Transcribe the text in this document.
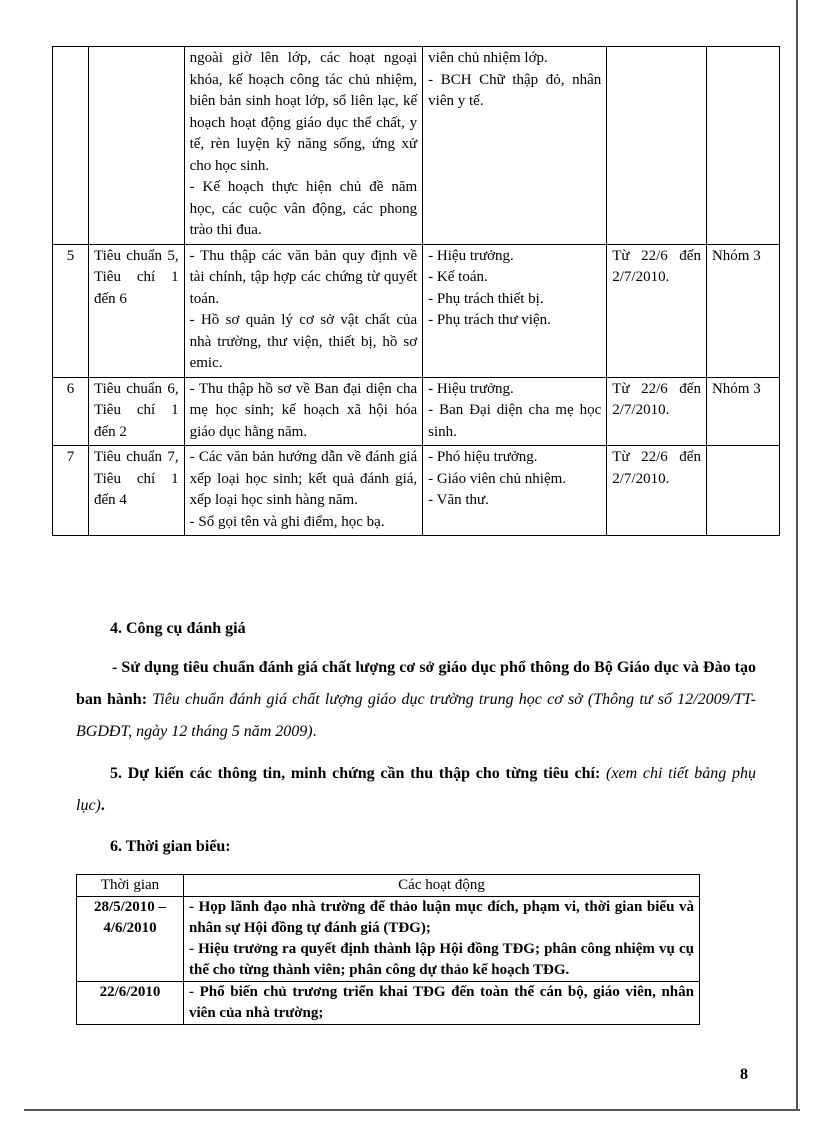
		ngoài giờ lên lớp, các hoạt ngoại khóa, kế hoạch công tác chủ nhiệm, biên bản sinh hoạt lớp, sổ liên lạc, kế hoạch hoạt động giáo dục thể chất, y tế, rèn luyện kỹ năng sống, ứng xử cho học sinh.
- Kế hoạch thực hiện chủ đề năm học, các cuộc vân động, các phong trào thi đua.	viên chủ nhiệm lớp.
- BCH Chữ thập đỏ, nhân viên y tế.		

5	Tiêu chuẩn 5, Tiêu chí 1 đến 6	- Thu thập các văn bản quy định về tài chính, tập hợp các chứng từ quyết toán.
- Hồ sơ quản lý cơ sở vật chất của nhà trường, thư viện, thiết bị, hồ sơ emic.	- Hiệu trưởng.
- Kế toán.
- Phụ trách thiết bị.
- Phụ trách thư viện.	Từ 22/6 đến 2/7/2010.	Nhóm 3
6	Tiêu chuẩn 6, Tiêu chí 1 đến 2	- Thu thập hồ sơ về Ban đại diện cha mẹ học sinh; kế hoạch xã hội hóa giáo dục hằng năm.	- Hiệu trưởng.
- Ban Đại diện cha mẹ học sinh.	Từ 22/6 đến 2/7/2010.	Nhóm 3
7	Tiêu chuẩn 7, Tiêu chí 1 đến 4	- Các văn bản hướng dẫn về đánh giá xếp loại học sinh; kết quả đánh giá, xếp loại học sinh hàng năm.
- Sổ gọi tên và ghi điểm, học bạ.	- Phó hiệu trưởng.
- Giáo viên chủ nhiệm.
- Văn thư.	Từ 22/6 đến 2/7/2010.	
4. Công cụ đánh giá
- Sử dụng tiêu chuẩn đánh giá chất lượng cơ sở giáo dục phổ thông do Bộ Giáo dục và Đào tạo ban hành: Tiêu chuẩn đánh giá chất lượng giáo dục trường trung học cơ sở (Thông tư số 12/2009/TT-BGDĐT, ngày 12 tháng 5 năm 2009).
5. Dự kiến các thông tin, minh chứng cần thu thập cho từng tiêu chí: (xem chi tiết bảng phụ lục).
6. Thời gian biểu:
Thời gian	Các hoạt động
28/5/2010 – 4/6/2010	- Họp lãnh đạo nhà trường để thảo luận mục đích, phạm vi, thời gian biểu và nhân sự Hội đồng tự đánh giá (TĐG);
- Hiệu trưởng ra quyết định thành lập Hội đồng TĐG; phân công nhiệm vụ cụ thể cho từng thành viên; phân công dự thảo kế hoạch TĐG.

22/6/2010	- Phổ biến chủ trương triển khai TĐG đến toàn thể cán bộ, giáo viên, nhân viên của nhà trường;
8
